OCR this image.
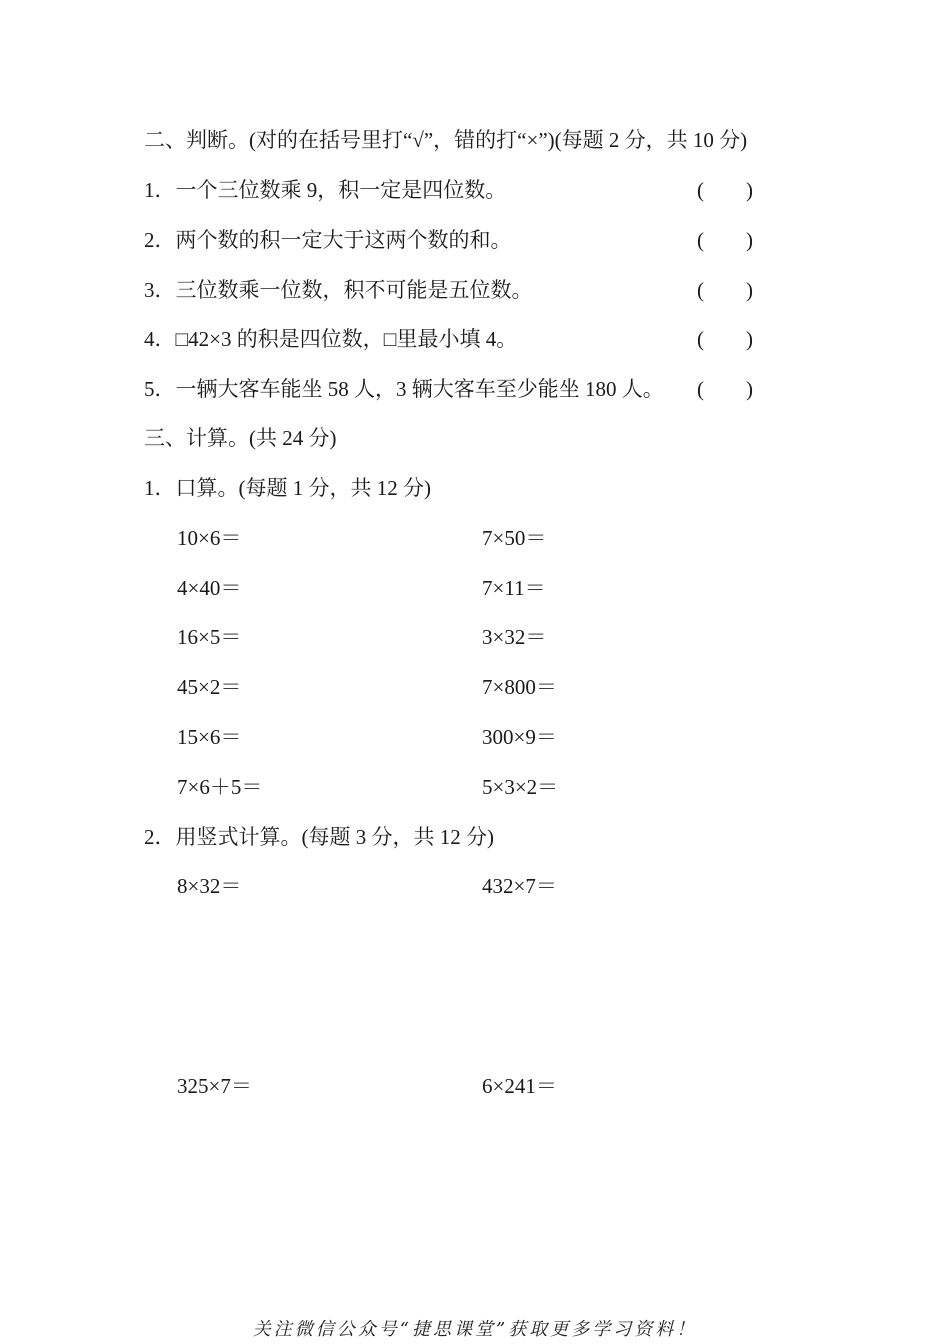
二、判断。(对的在括号里打“√”，错的打“×”)(每题 2 分，共 10 分)
1．一个三位数乘 9，积一定是四位数。	(　　)
2．两个数的积一定大于这两个数的和。	(　　)
3．三位数乘一位数，积不可能是五位数。	(　　)
4．□42×3 的积是四位数，□里最小填 4。	(　　)
5．一辆大客车能坐 58 人，3 辆大客车至少能坐 180 人。 (　　)
三、计算。(共 24 分)
1．口算。(每题 1 分，共 12 分)
10×6＝	7×50＝
4×40＝	7×11＝
16×5＝	3×32＝
45×2＝	7×800＝
15×6＝	300×9＝
7×6＋5＝	5×3×2＝
2．用竖式计算。(每题 3 分，共 12 分)
8×32＝	432×7＝
325×7＝	6×241＝
关注微信公众号“捷思课堂”获取更多学习资料！
